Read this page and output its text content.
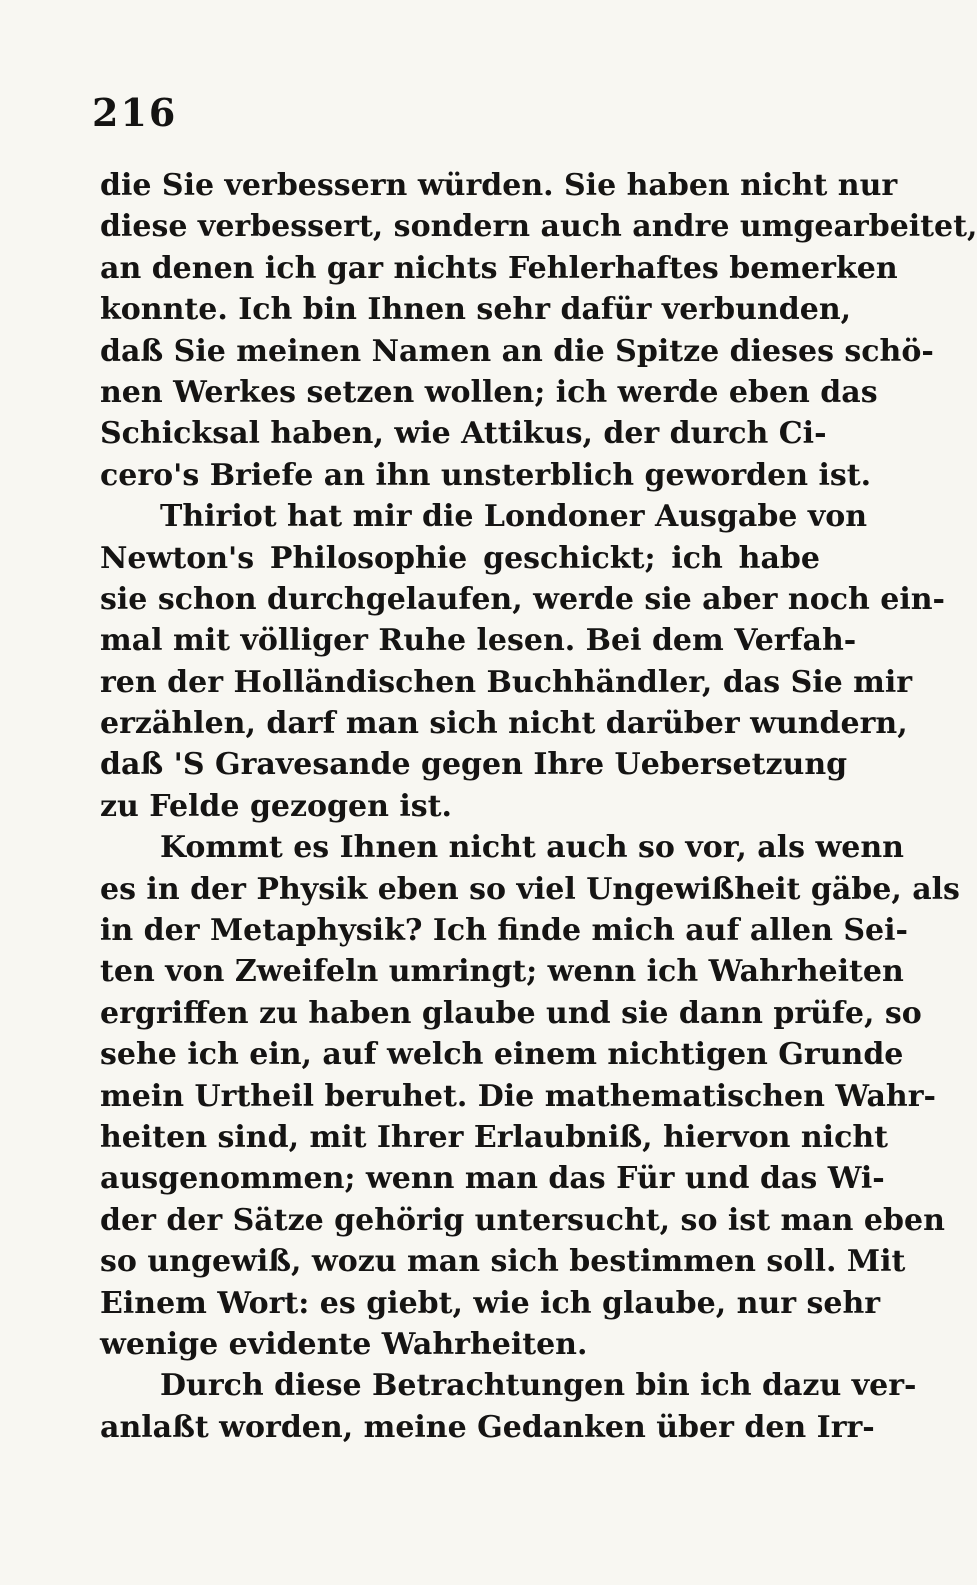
216
die Sie verbessern würden. Sie haben nicht nur
diese verbessert, sondern auch andre umgearbeitet,
an denen ich gar nichts Fehlerhaftes bemerken
konnte. Ich bin Ihnen sehr dafür verbunden,
daß Sie meinen Namen an die Spitze dieses schö-
nen Werkes setzen wollen; ich werde eben das
Schicksal haben, wie Attikus, der durch Ci-
cero's Briefe an ihn unsterblich geworden ist.
Thiriot hat mir die Londoner Ausgabe von
Newton's Philosophie geschickt; ich habe
sie schon durchgelaufen, werde sie aber noch ein-
mal mit völliger Ruhe lesen. Bei dem Verfah-
ren der Holländischen Buchhändler, das Sie mir
erzählen, darf man sich nicht darüber wundern,
daß 'S Gravesande gegen Ihre Uebersetzung
zu Felde gezogen ist.
Kommt es Ihnen nicht auch so vor, als wenn
es in der Physik eben so viel Ungewißheit gäbe, als
in der Metaphysik? Ich finde mich auf allen Sei-
ten von Zweifeln umringt; wenn ich Wahrheiten
ergriffen zu haben glaube und sie dann prüfe, so
sehe ich ein, auf welch einem nichtigen Grunde
mein Urtheil beruhet. Die mathematischen Wahr-
heiten sind, mit Ihrer Erlaubniß, hiervon nicht
ausgenommen; wenn man das Für und das Wi-
der der Sätze gehörig untersucht, so ist man eben
so ungewiß, wozu man sich bestimmen soll. Mit
Einem Wort: es giebt, wie ich glaube, nur sehr
wenige evidente Wahrheiten.
Durch diese Betrachtungen bin ich dazu ver-
anlaßt worden, meine Gedanken über den Irr-
